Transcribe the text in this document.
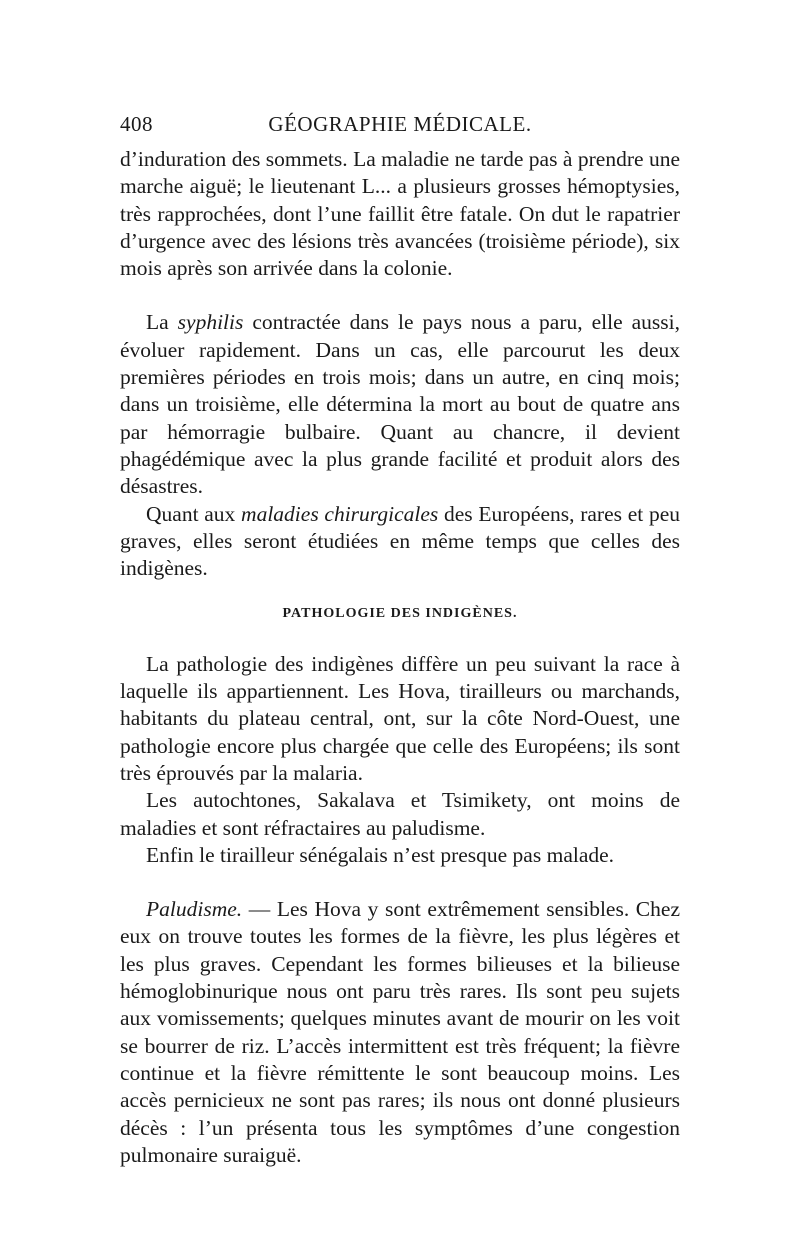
408	GÉOGRAPHIE MÉDICALE.

d’induration des sommets. La maladie ne tarde pas à prendre une marche aiguë; le lieutenant L... a plusieurs grosses hémoptysies, très rapprochées, dont l’une faillit être fatale. On dut le rapatrier d’urgence avec des lésions très avancées (troisième période), six mois après son arrivée dans la colonie.

La syphilis contractée dans le pays nous a paru, elle aussi, évoluer rapidement. Dans un cas, elle parcourut les deux premières périodes en trois mois; dans un autre, en cinq mois; dans un troisième, elle détermina la mort au bout de quatre ans par hémorragie bulbaire. Quant au chancre, il devient phagédémique avec la plus grande facilité et produit alors des désastres.

Quant aux maladies chirurgicales des Européens, rares et peu graves, elles seront étudiées en même temps que celles des indigènes.

PATHOLOGIE DES INDIGÈNES.

La pathologie des indigènes diffère un peu suivant la race à laquelle ils appartiennent. Les Hova, tirailleurs ou marchands, habitants du plateau central, ont, sur la côte Nord-Ouest, une pathologie encore plus chargée que celle des Européens; ils sont très éprouvés par la malaria.

Les autochtones, Sakalava et Tsimikety, ont moins de maladies et sont réfractaires au paludisme.

Enfin le tirailleur sénégalais n’est presque pas malade.

Paludisme. — Les Hova y sont extrêmement sensibles. Chez eux on trouve toutes les formes de la fièvre, les plus légères et les plus graves. Cependant les formes bilieuses et la bilieuse hémoglobinurique nous ont paru très rares. Ils sont peu sujets aux vomissements; quelques minutes avant de mourir on les voit se bourrer de riz. L’accès intermittent est très fréquent; la fièvre continue et la fièvre rémittente le sont beaucoup moins. Les accès pernicieux ne sont pas rares; ils nous ont donné plusieurs décès : l’un présenta tous les symptômes d’une congestion pulmonaire suraiguë.
